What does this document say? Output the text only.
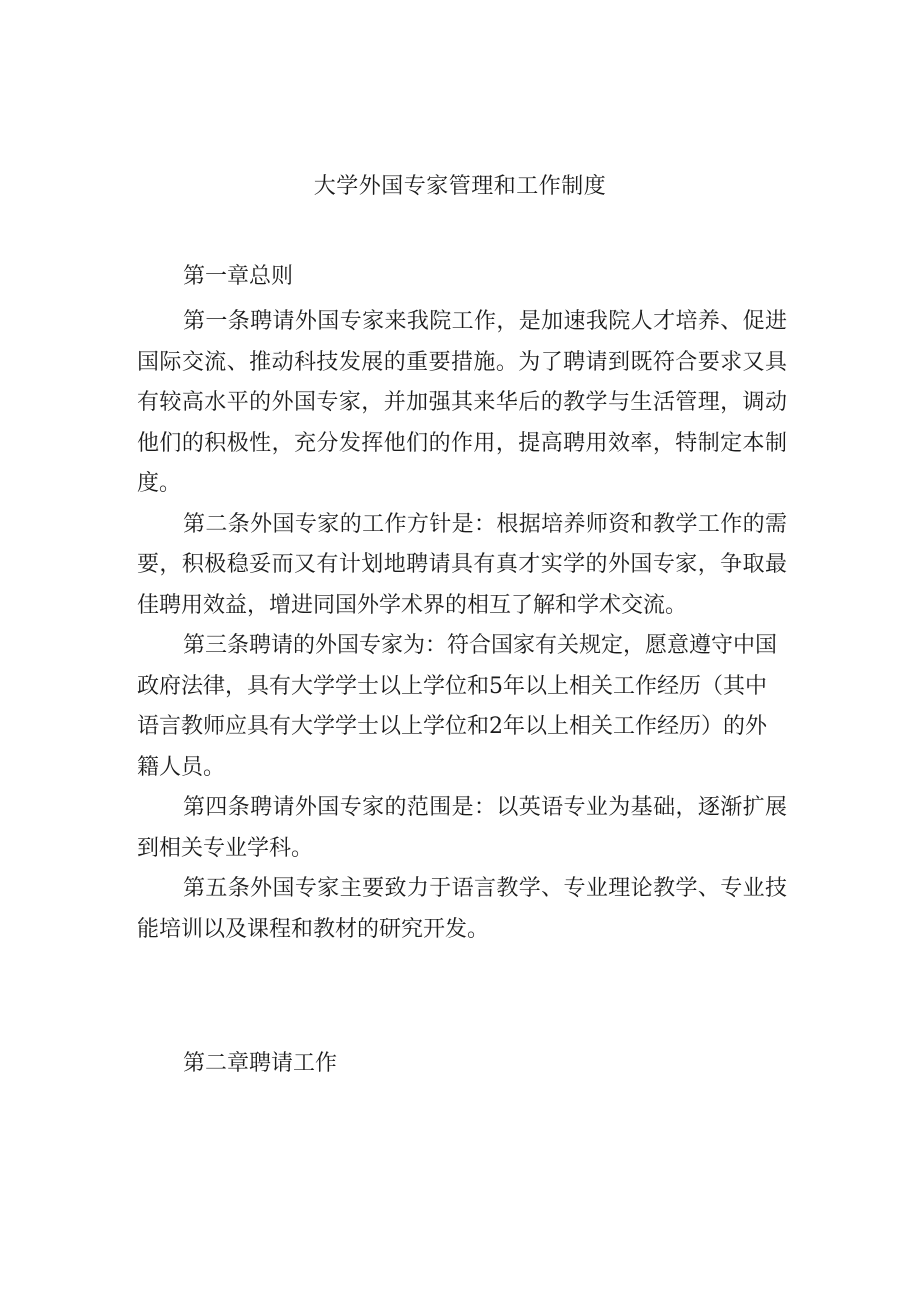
大学外国专家管理和工作制度
第一章总则

第一条聘请外国专家来我院工作，是加速我院人才培养、促进国际交流、推动科技发展的重要措施。为了聘请到既符合要求又具有较高水平的外国专家，并加强其来华后的教学与生活管理，调动他们的积极性，充分发挥他们的作用，提高聘用效率，特制定本制度。

第二条外国专家的工作方针是：根据培养师资和教学工作的需要，积极稳妥而又有计划地聘请具有真才实学的外国专家，争取最佳聘用效益，增进同国外学术界的相互了解和学术交流。

第三条聘请的外国专家为：符合国家有关规定，愿意遵守中国政府法律，具有大学学士以上学位和5年以上相关工作经历（其中语言教师应具有大学学士以上学位和2年以上相关工作经历）的外籍人员。

第四条聘请外国专家的范围是：以英语专业为基础，逐渐扩展到相关专业学科。

第五条外国专家主要致力于语言教学、专业理论教学、专业技能培训以及课程和教材的研究开发。

第二章聘请工作
